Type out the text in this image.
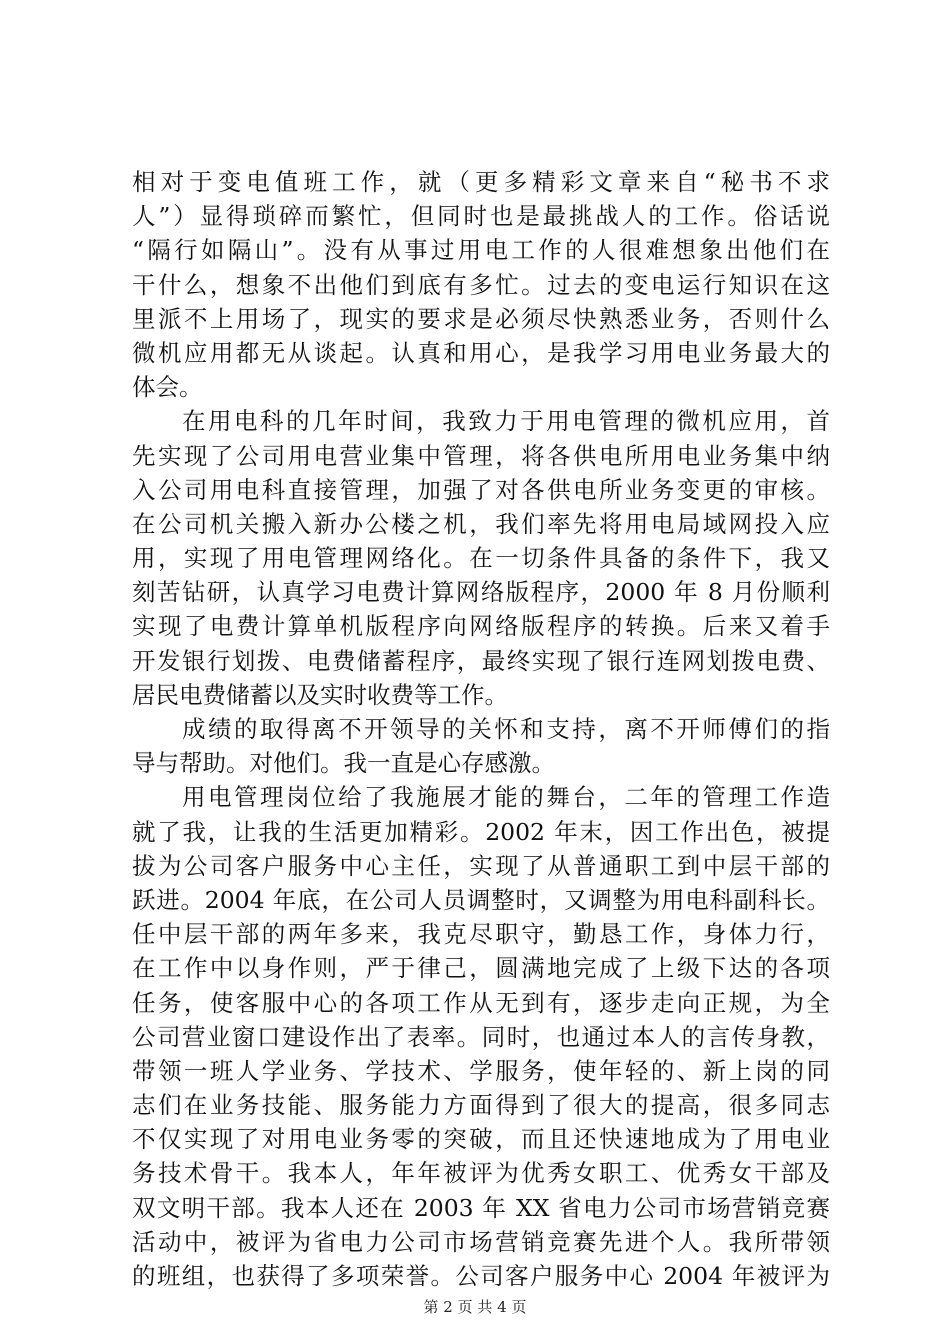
相对于变电值班工作，就（更多精彩文章来自“秘书不求
人”）显得琐碎而繁忙，但同时也是最挑战人的工作。俗话说
“隔行如隔山”。没有从事过用电工作的人很难想象出他们在
干什么，想象不出他们到底有多忙。过去的变电运行知识在这
里派不上用场了，现实的要求是必须尽快熟悉业务，否则什么
微机应用都无从谈起。认真和用心，是我学习用电业务最大的
体会。
在用电科的几年时间，我致力于用电管理的微机应用，首
先实现了公司用电营业集中管理，将各供电所用电业务集中纳
入公司用电科直接管理，加强了对各供电所业务变更的审核。
在公司机关搬入新办公楼之机，我们率先将用电局域网投入应
用，实现了用电管理网络化。在一切条件具备的条件下，我又
刻苦钻研，认真学习电费计算网络版程序，2000 年 8 月份顺利
实现了电费计算单机版程序向网络版程序的转换。后来又着手
开发银行划拨、电费储蓄程序，最终实现了银行连网划拨电费、
居民电费储蓄以及实时收费等工作。
成绩的取得离不开领导的关怀和支持，离不开师傅们的指
导与帮助。对他们。我一直是心存感激。
用电管理岗位给了我施展才能的舞台，二年的管理工作造
就了我，让我的生活更加精彩。2002 年末，因工作出色，被提
拔为公司客户服务中心主任，实现了从普通职工到中层干部的
跃进。2004 年底，在公司人员调整时，又调整为用电科副科长。
任中层干部的两年多来，我克尽职守，勤恳工作，身体力行，
在工作中以身作则，严于律己，圆满地完成了上级下达的各项
任务，使客服中心的各项工作从无到有，逐步走向正规，为全
公司营业窗口建设作出了表率。同时，也通过本人的言传身教，
带领一班人学业务、学技术、学服务，使年轻的、新上岗的同
志们在业务技能、服务能力方面得到了很大的提高，很多同志
不仅实现了对用电业务零的突破，而且还快速地成为了用电业
务技术骨干。我本人，年年被评为优秀女职工、优秀女干部及
双文明干部。我本人还在 2003 年 XX 省电力公司市场营销竞赛
活动中，被评为省电力公司市场营销竞赛先进个人。我所带领
的班组，也获得了多项荣誉。公司客户服务中心 2004 年被评为
第 2 页 共 4 页
